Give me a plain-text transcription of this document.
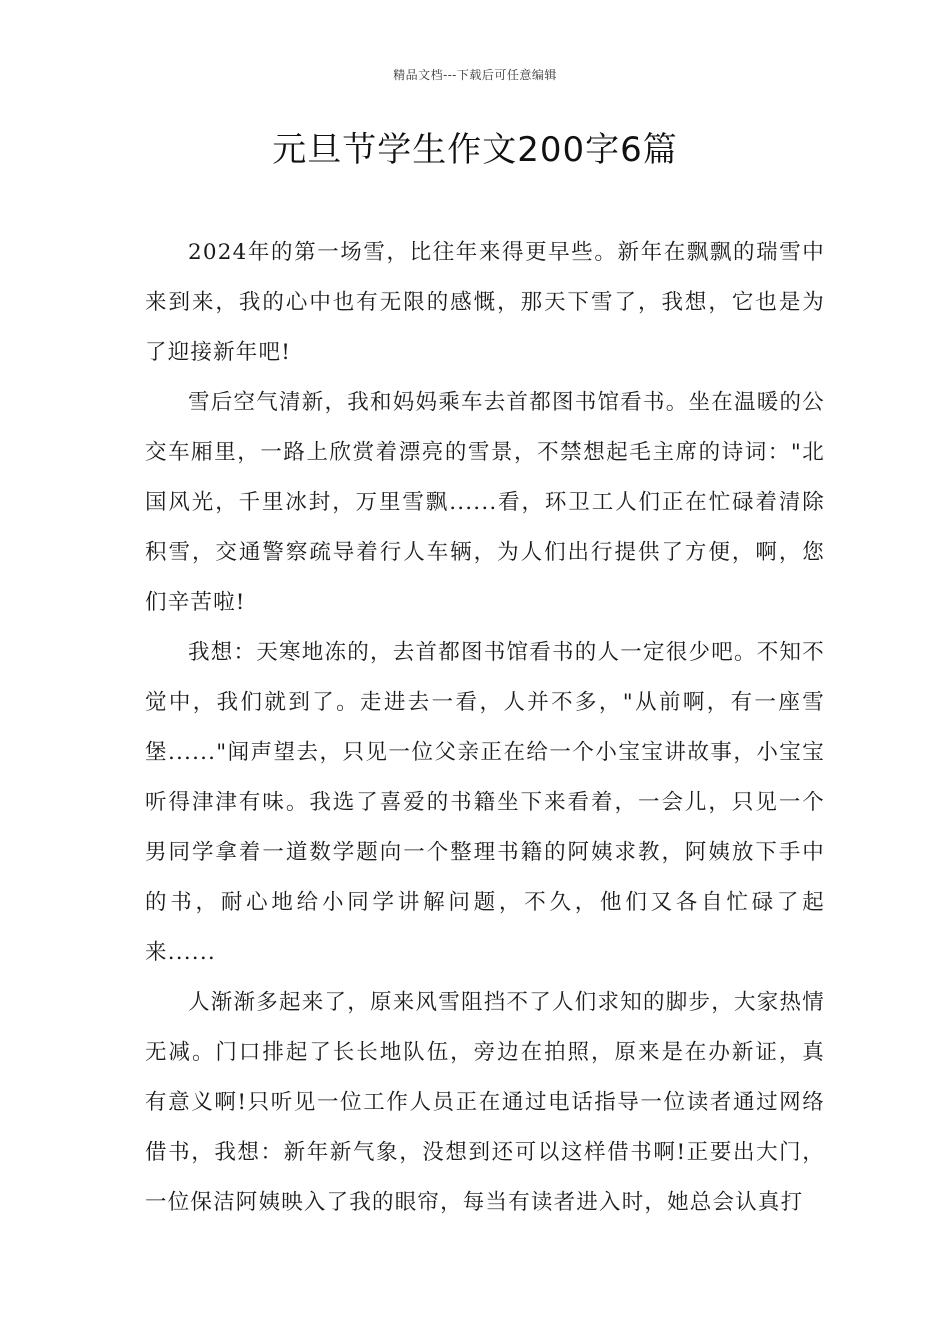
精品文档---下载后可任意编辑
元旦节学生作文200字6篇

2024年的第一场雪，比往年来得更早些。新年在飘飘的瑞雪中来到来，我的心中也有无限的感慨，那天下雪了，我想，它也是为了迎接新年吧!

雪后空气清新，我和妈妈乘车去首都图书馆看书。坐在温暖的公交车厢里，一路上欣赏着漂亮的雪景，不禁想起毛主席的诗词："北国风光，千里冰封，万里雪飘......看，环卫工人们正在忙碌着清除积雪，交通警察疏导着行人车辆，为人们出行提供了方便，啊，您们辛苦啦!

我想：天寒地冻的，去首都图书馆看书的人一定很少吧。不知不觉中，我们就到了。走进去一看，人并不多，"从前啊，有一座雪堡......"闻声望去，只见一位父亲正在给一个小宝宝讲故事，小宝宝听得津津有味。我选了喜爱的书籍坐下来看着，一会儿，只见一个男同学拿着一道数学题向一个整理书籍的阿姨求教，阿姨放下手中的书，耐心地给小同学讲解问题，不久，他们又各自忙碌了起来......

人渐渐多起来了，原来风雪阻挡不了人们求知的脚步，大家热情无减。门口排起了长长地队伍，旁边在拍照，原来是在办新证，真有意义啊!只听见一位工作人员正在通过电话指导一位读者通过网络借书，我想：新年新气象，没想到还可以这样借书啊!正要出大门，一位保洁阿姨映入了我的眼帘，每当有读者进入时，她总会认真打
